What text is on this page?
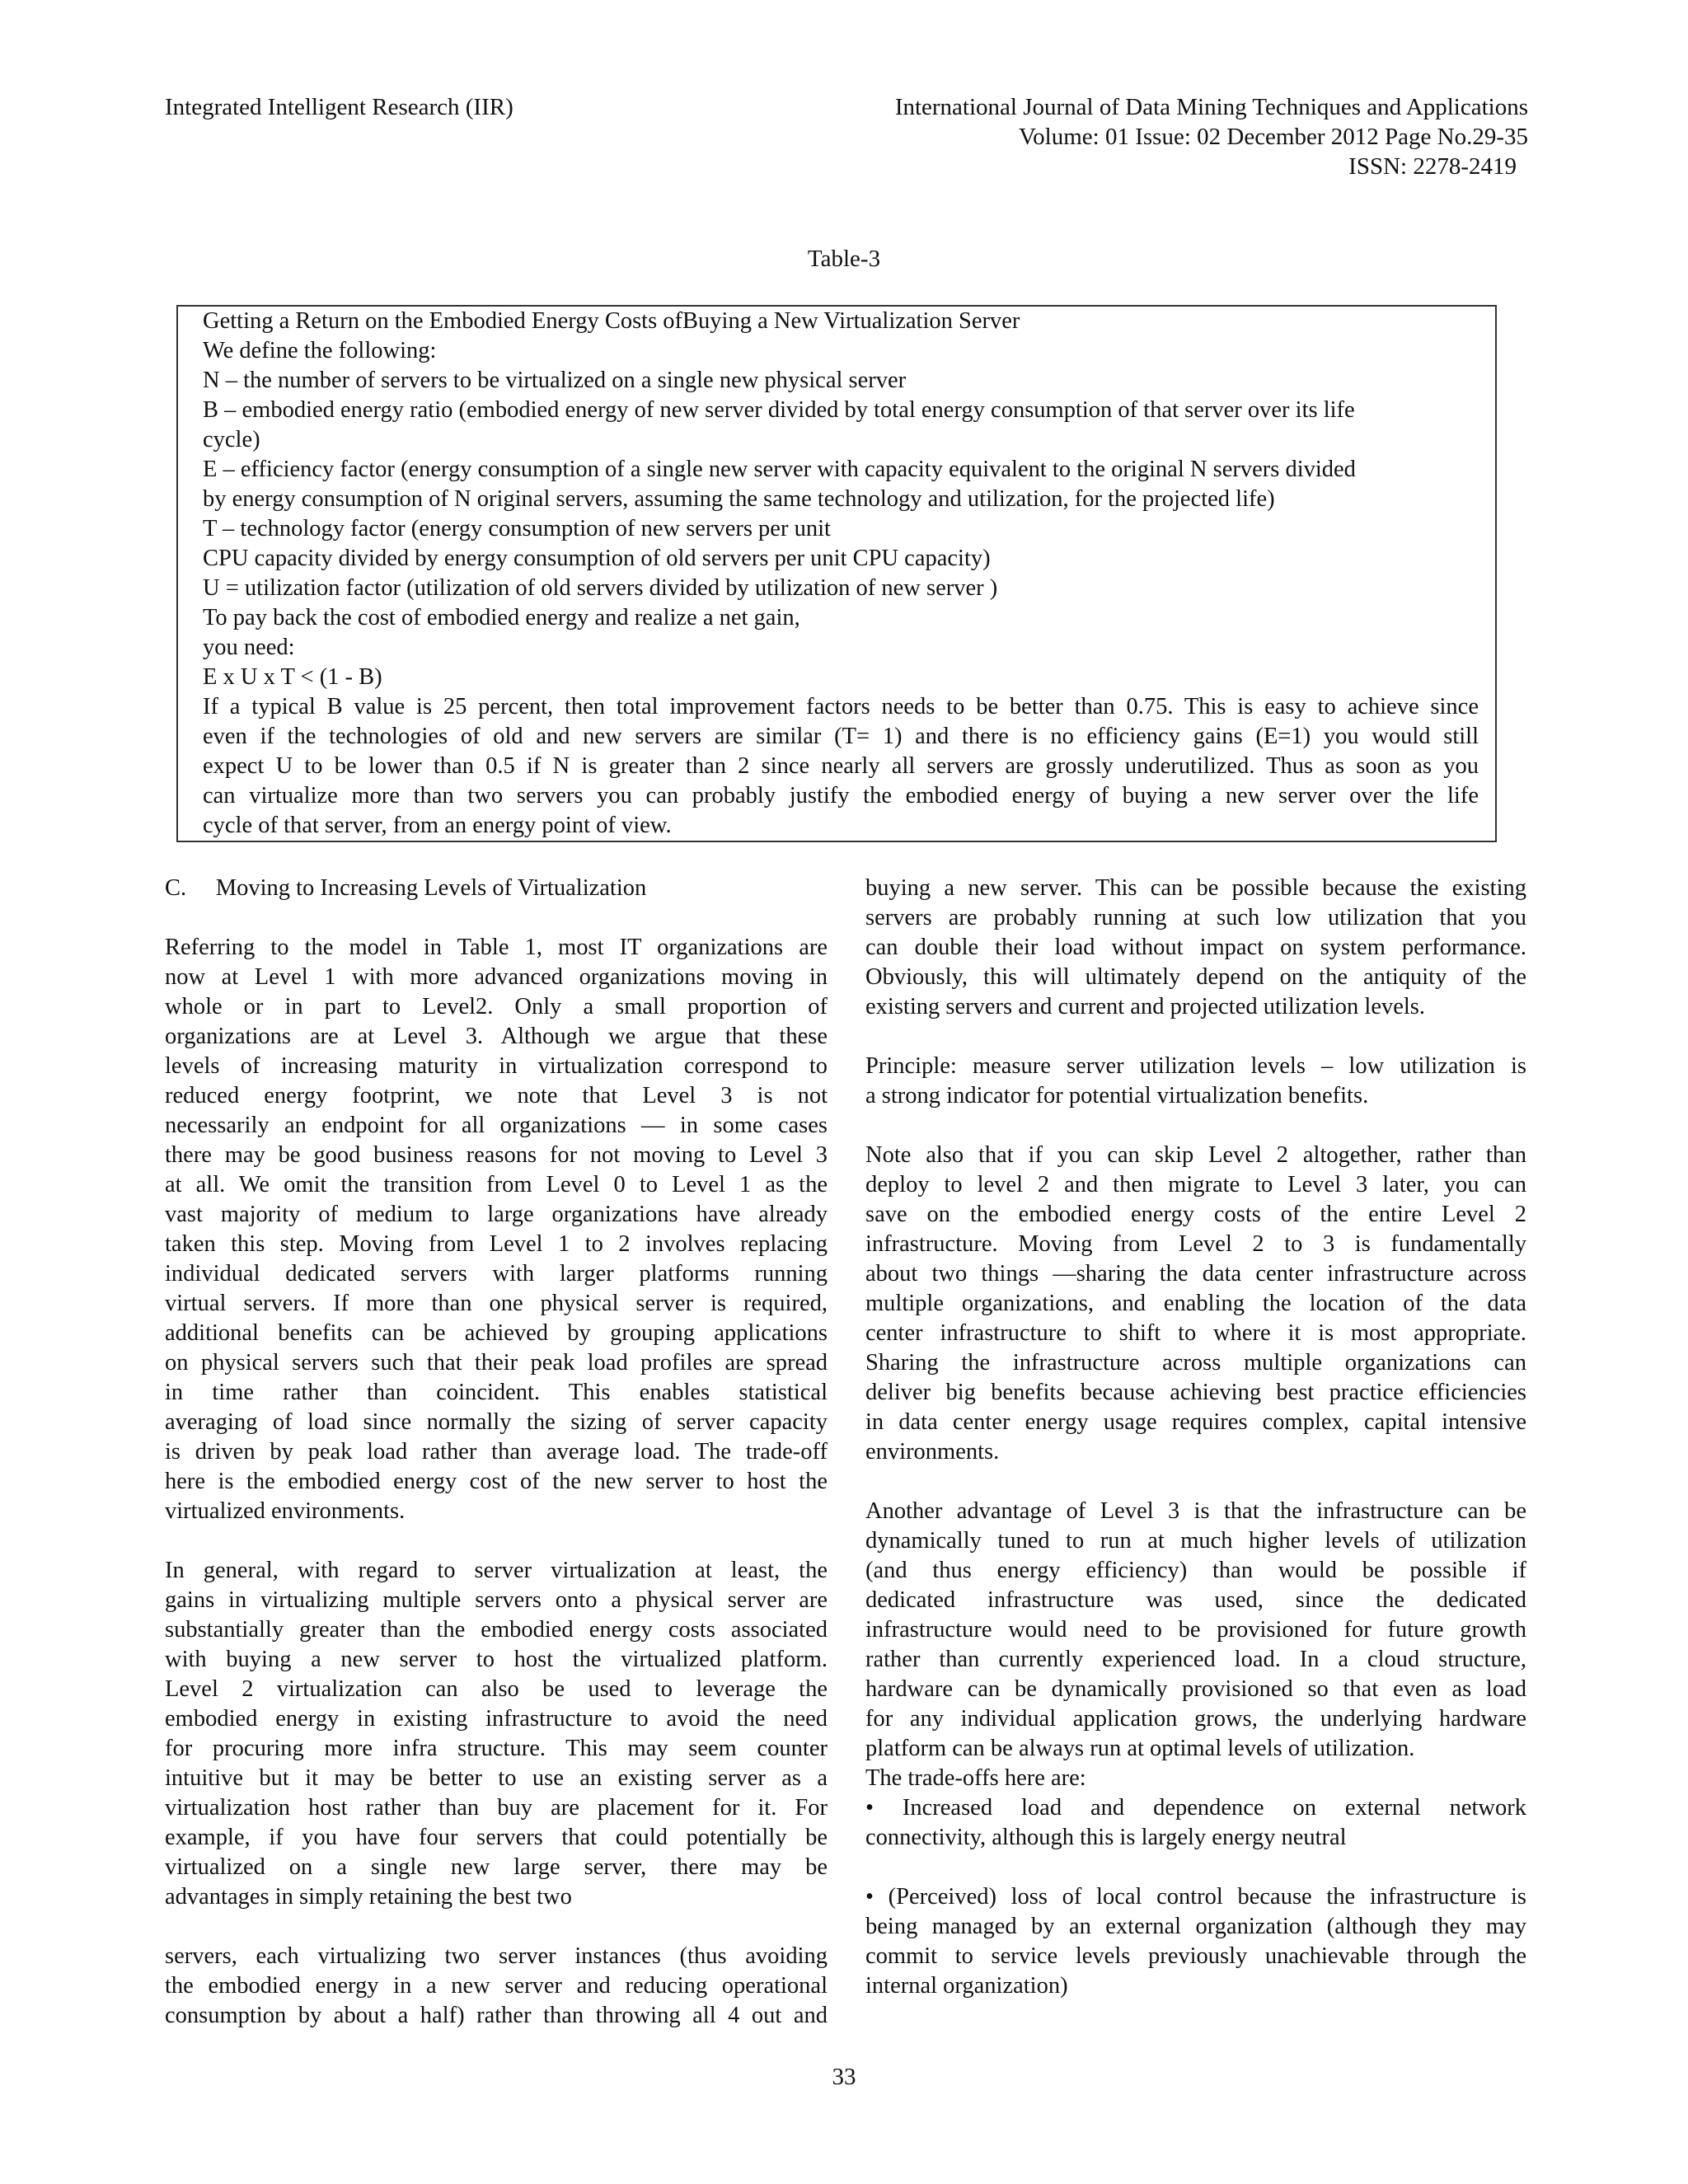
Integrated Intelligent Research (IIR)	International Journal of Data Mining Techniques and Applications
Volume: 01 Issue: 02 December 2012 Page No.29-35
ISSN: 2278-2419
Table-3
Getting a Return on the Embodied Energy Costs ofBuying a New Virtualization Server
We define the following:
N – the number of servers to be virtualized on a single new physical server
B – embodied energy ratio (embodied energy of new server divided by total energy consumption of that server over its life
cycle)
E – efficiency factor (energy consumption of a single new server with capacity equivalent to the original N servers divided
by energy consumption of N original servers, assuming the same technology and utilization, for the projected life)
T – technology factor (energy consumption of new servers per unit
CPU capacity divided by energy consumption of old servers per unit CPU capacity)
U = utilization factor (utilization of old servers divided by utilization of new server )
To pay back the cost of embodied energy and realize a net gain,
you need:
E x U x T < (1 - B)
If a typical B value is 25 percent, then total improvement factors needs to be better than 0.75. This is easy to achieve since
even if the technologies of old and new servers are similar (T= 1) and there is no efficiency gains (E=1) you would still
expect U to be lower than 0.5 if N is greater than 2 since nearly all servers are grossly underutilized. Thus as soon as you
can virtualize more than two servers you can probably justify the embodied energy of buying a new server over the life
cycle of that server, from an energy point of view.

C.     Moving to Increasing Levels of Virtualization

Referring to the model in Table 1, most IT organizations are
now at Level 1 with more advanced organizations moving in
whole or in part to Level2. Only a small proportion of
organizations are at Level 3. Although we argue that these
levels of increasing maturity in virtualization correspond to
reduced energy footprint, we note that Level 3 is not
necessarily an endpoint for all organizations — in some cases
there may be good business reasons for not moving to Level 3
at all. We omit the transition from Level 0 to Level 1 as the
vast majority of medium to large organizations have already
taken this step. Moving from Level 1 to 2 involves replacing
individual dedicated servers with larger platforms running
virtual servers. If more than one physical server is required,
additional benefits can be achieved by grouping applications
on physical servers such that their peak load profiles are spread
in time rather than coincident. This enables statistical
averaging of load since normally the sizing of server capacity
is driven by peak load rather than average load. The trade-off
here is the embodied energy cost of the new server to host the
virtualized environments.

In general, with regard to server virtualization at least, the
gains in virtualizing multiple servers onto a physical server are
substantially greater than the embodied energy costs associated
with buying a new server to host the virtualized platform.
Level 2 virtualization can also be used to leverage the
embodied energy in existing infrastructure to avoid the need
for procuring more infra structure. This may seem counter
intuitive but it may be better to use an existing server as a
virtualization host rather than buy are placement for it. For
example, if you have four servers that could potentially be
virtualized on a single new large server, there may be
advantages in simply retaining the best two

servers, each virtualizing two server instances (thus avoiding
the embodied energy in a new server and reducing operational
consumption by about a half) rather than throwing all 4 out and

buying a new server. This can be possible because the existing
servers are probably running at such low utilization that you
can double their load without impact on system performance.
Obviously, this will ultimately depend on the antiquity of the
existing servers and current and projected utilization levels.

Principle: measure server utilization levels – low utilization is
a strong indicator for potential virtualization benefits.

Note also that if you can skip Level 2 altogether, rather than
deploy to level 2 and then migrate to Level 3 later, you can
save on the embodied energy costs of the entire Level 2
infrastructure. Moving from Level 2 to 3 is fundamentally
about two things —sharing the data center infrastructure across
multiple organizations, and enabling the location of the data
center infrastructure to shift to where it is most appropriate.
Sharing the infrastructure across multiple organizations can
deliver big benefits because achieving best practice efficiencies
in data center energy usage requires complex, capital intensive
environments.

Another advantage of Level 3 is that the infrastructure can be
dynamically tuned to run at much higher levels of utilization
(and thus energy efficiency) than would be possible if
dedicated infrastructure was used, since the dedicated
infrastructure would need to be provisioned for future growth
rather than currently experienced load. In a cloud structure,
hardware can be dynamically provisioned so that even as load
for any individual application grows, the underlying hardware
platform can be always run at optimal levels of utilization.
The trade-offs here are:
• Increased load and dependence on external network
connectivity, although this is largely energy neutral

• (Perceived) loss of local control because the infrastructure is
being managed by an external organization (although they may
commit to service levels previously unachievable through the
internal organization)

33
